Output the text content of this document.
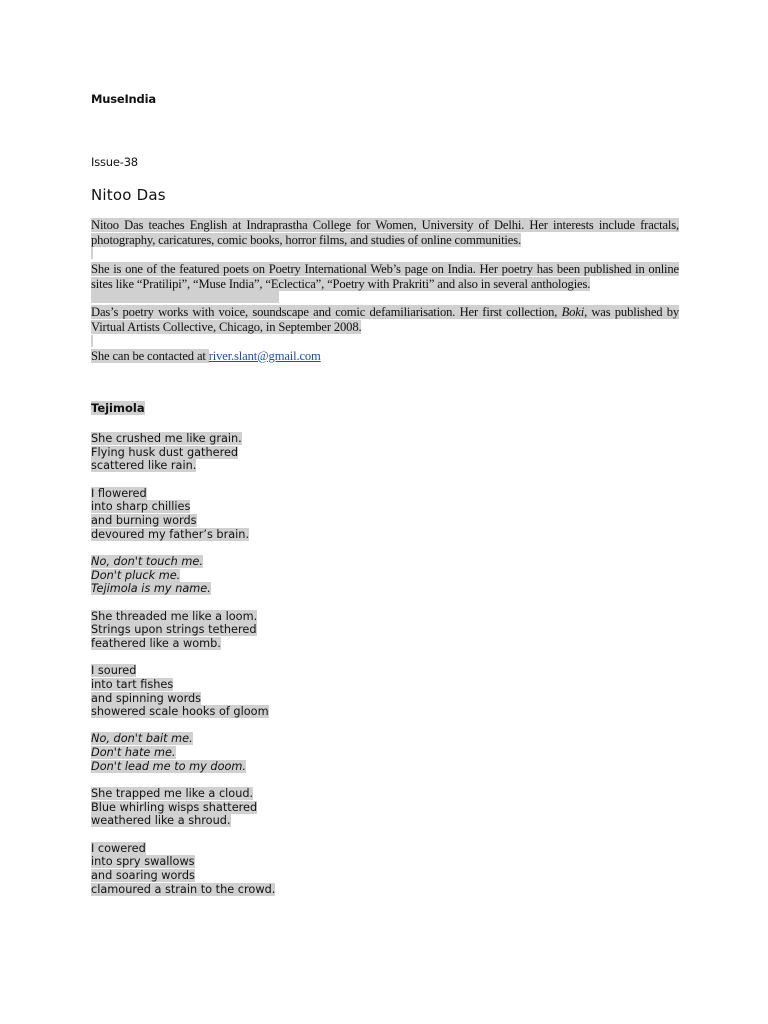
MuseIndia
Issue-38
Nitoo Das

Nitoo Das teaches English at Indraprastha College for Women, University of Delhi. Her interests include fractals, photography, caricatures, comic books, horror films, and studies of online communities.

She is one of the featured poets on Poetry International Web’s page on India. Her poetry has been published in online sites like “Pratilipi”, “Muse India”, “Eclectica”, “Poetry with Prakriti” and also in several anthologies.

Das’s poetry works with voice, soundscape and comic defamiliarisation. Her first collection, Boki, was published by Virtual Artists Collective, Chicago, in September 2008.

She can be contacted at river.slant@gmail.com

Tejimola
She crushed me like grain.
Flying husk dust gathered
scattered like rain.
I flowered
into sharp chillies
and burning words
devoured my father’s brain.
No, don't touch me.
Don't pluck me.
Tejimola is my name.
She threaded me like a loom.
Strings upon strings tethered
feathered like a womb.
I soured
into tart fishes
and spinning words
showered scale hooks of gloom
No, don't bait me.
Don't hate me.
Don't lead me to my doom.
She trapped me like a cloud.
Blue whirling wisps shattered
weathered like a shroud.
I cowered
into spry swallows
and soaring words
clamoured a strain to the crowd.
